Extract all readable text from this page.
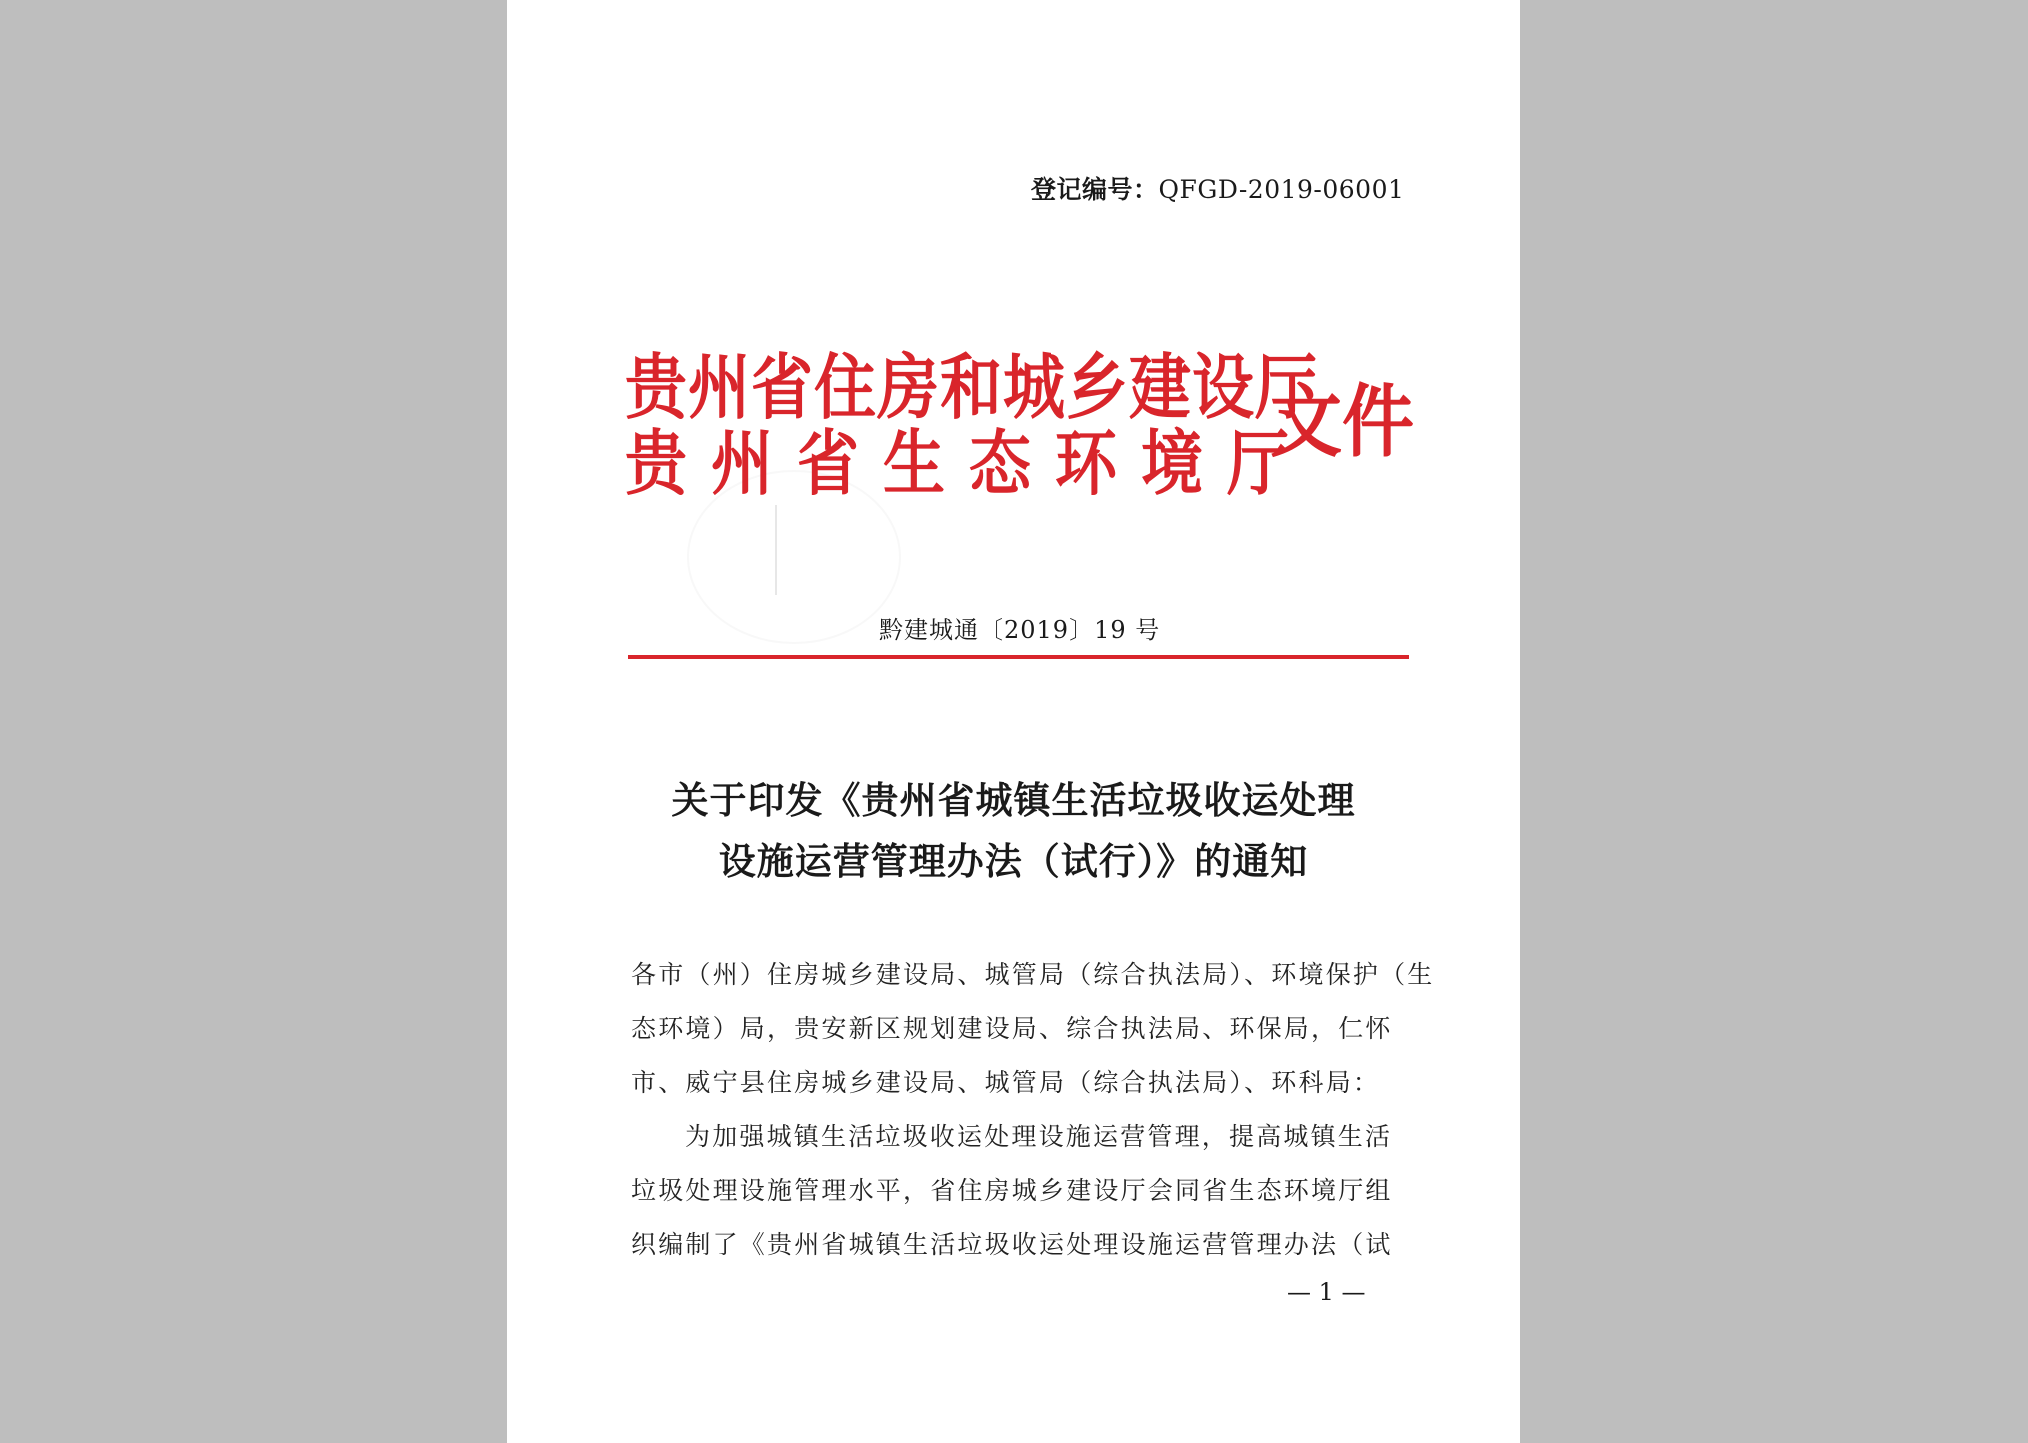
登记编号：QFGD-2019-06001
贵州省住房和城乡建设厅
贵州省生态环境厅
文件
黔建城通〔2019〕19 号
关于印发《贵州省城镇生活垃圾收运处理
设施运营管理办法（试行）》的通知
各市（州）住房城乡建设局、城管局（综合执法局）、环境保护（生
态环境）局，贵安新区规划建设局、综合执法局、环保局，仁怀
市、威宁县住房城乡建设局、城管局（综合执法局）、环科局：
为加强城镇生活垃圾收运处理设施运营管理，提高城镇生活
垃圾处理设施管理水平，省住房城乡建设厅会同省生态环境厅组
织编制了《贵州省城镇生活垃圾收运处理设施运营管理办法（试
— 1 —
